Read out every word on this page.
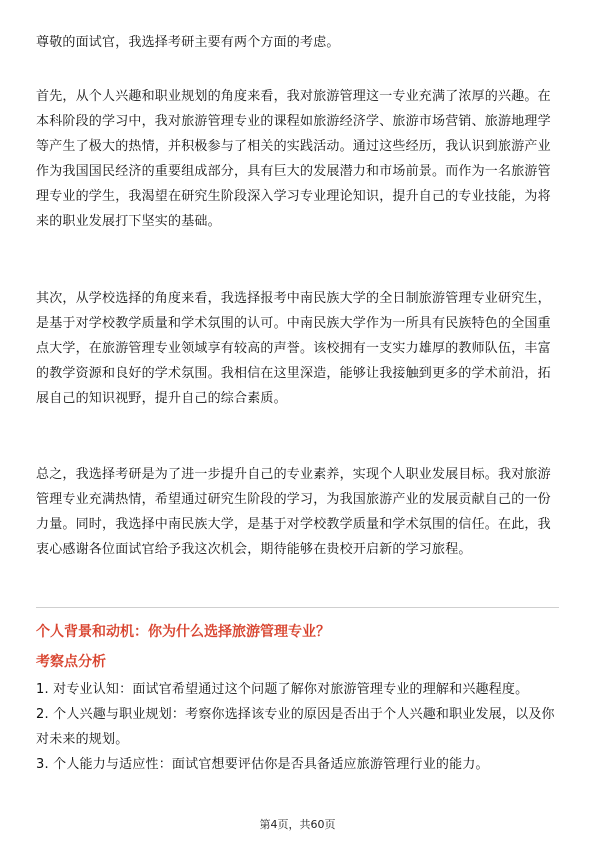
尊敬的面试官，我选择考研主要有两个方面的考虑。

首先，从个人兴趣和职业规划的角度来看，我对旅游管理这一专业充满了浓厚的兴趣。在本科阶段的学习中，我对旅游管理专业的课程如旅游经济学、旅游市场营销、旅游地理学等产生了极大的热情，并积极参与了相关的实践活动。通过这些经历，我认识到旅游产业作为我国国民经济的重要组成部分，具有巨大的发展潜力和市场前景。而作为一名旅游管理专业的学生，我渴望在研究生阶段深入学习专业理论知识，提升自己的专业技能，为将来的职业发展打下坚实的基础。

其次，从学校选择的角度来看，我选择报考中南民族大学的全日制旅游管理专业研究生，是基于对学校教学质量和学术氛围的认可。中南民族大学作为一所具有民族特色的全国重点大学，在旅游管理专业领域享有较高的声誉。该校拥有一支实力雄厚的教师队伍，丰富的教学资源和良好的学术氛围。我相信在这里深造，能够让我接触到更多的学术前沿，拓展自己的知识视野，提升自己的综合素质。

总之，我选择考研是为了进一步提升自己的专业素养，实现个人职业发展目标。我对旅游管理专业充满热情，希望通过研究生阶段的学习，为我国旅游产业的发展贡献自己的一份力量。同时，我选择中南民族大学，是基于对学校教学质量和学术氛围的信任。在此，我衷心感谢各位面试官给予我这次机会，期待能够在贵校开启新的学习旅程。

个人背景和动机：你为什么选择旅游管理专业？
考察点分析
1. 对专业认知：面试官希望通过这个问题了解你对旅游管理专业的理解和兴趣程度。
2. 个人兴趣与职业规划：考察你选择该专业的原因是否出于个人兴趣和职业发展，以及你对未来的规划。
3. 个人能力与适应性：面试官想要评估你是否具备适应旅游管理行业的能力。
第4页，共60页
